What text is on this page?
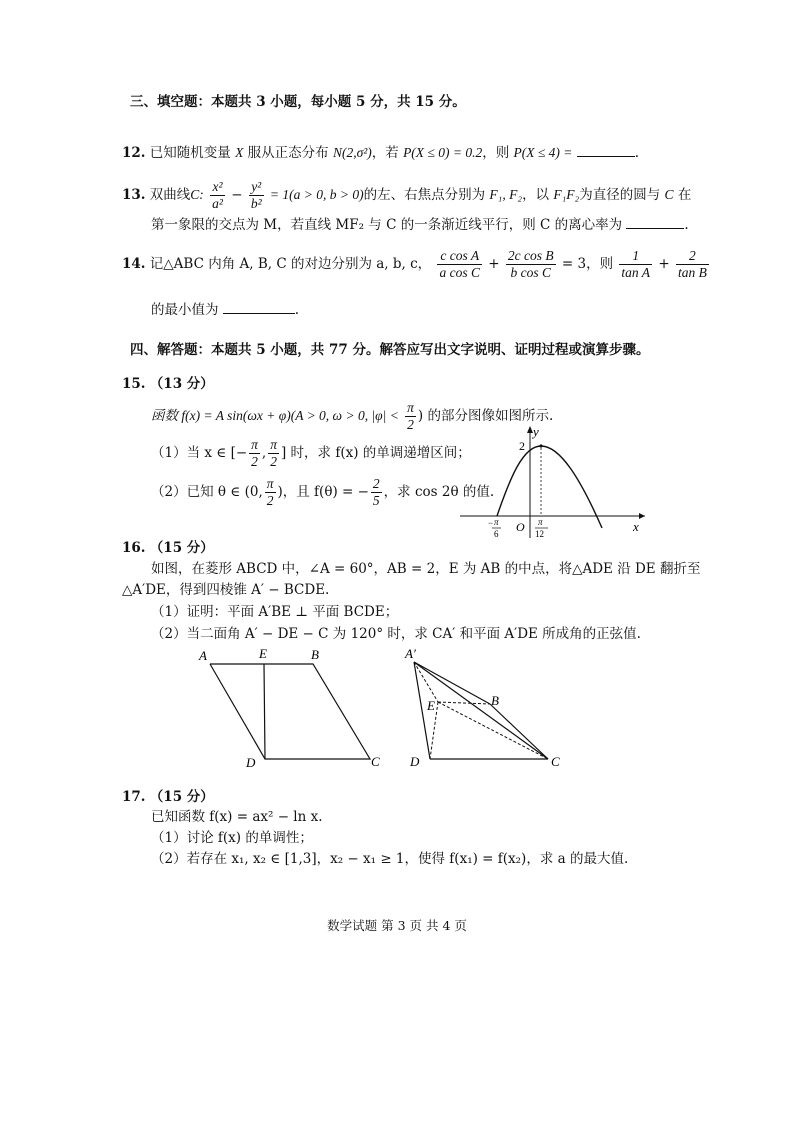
三、填空题：本题共 3 小题，每小题 5 分，共 15 分。
12. 已知随机变量 X 服从正态分布 N(2,σ²)，若 P(X ≤ 0) = 0.2，则 P(X ≤ 4) =	.
13. 双曲线C: $\frac{\text{x²}}{\text{a²}} - \frac{\text{y²}}{\text{b²}} = 1(a > 0$, b > 0)的左、右焦点分别为 F₁, F₂，以 F₁F₂为直径的圆与 C 在
第一象限的交点为 M，若直线 MF₂ 与 C 的一条渐近线平行，则 C 的离心率为	.
14. 记△ABC 内角 A, B, C 的对边分别为 a, b, c， $\frac{\text{c cos A}}{\text{a cos C}} + \frac{\text{2c cos B}}{\text{b cos C}} = 3$，则 $\frac{1}{\text{tan A}} + \frac{2}{\text{tan B}}$
的最小值为	.
四、解答题：本题共 5 小题，共 77 分。解答应写出文字说明、证明过程或演算步骤。
15. （13 分）
函数 f(x) = A sin(ωx + φ)(A > 0, ω > 0, $|\varphi| < \frac{\pi}{2}$ ) 的部分图像如图所示.
（1）当 x ∈ [− $\frac{\pi}{2}$ , $\frac{\pi}{2}$ ] 时，求 f(x) 的单调递增区间；
（2）已知 θ ∈ (0, $\frac{\pi}{2}$ )，且 f(θ) = − $\frac{2}{5}$ ，求 cos 2θ 的值.
y
x
O
2
− π
6
π
12
16. （15 分）
如图，在菱形 ABCD 中，∠A = 60°，AB = 2，E 为 AB 的中点，将△ADE 沿 DE 翻折至
△A′DE，得到四棱锥 A′ − BCDE.
（1）证明：平面 A′BE ⊥ 平面 BCDE；
（2）当二面角 A′ − DE − C 为 120° 时，求 CA′ 和平面 A′DE 所成角的正弦值.
A	E	B
D	C
A′
E	B
D	C
17. （15 分）
已知函数 f(x) = ax² − ln x.
（1）讨论 f(x) 的单调性；
（2）若存在 x₁, x₂ ∈ [1,3]，x₂ − x₁ ≥ 1，使得 f(x₁) = f(x₂)，求 a 的最大值.
数学试题 第 3 页 共 4 页
